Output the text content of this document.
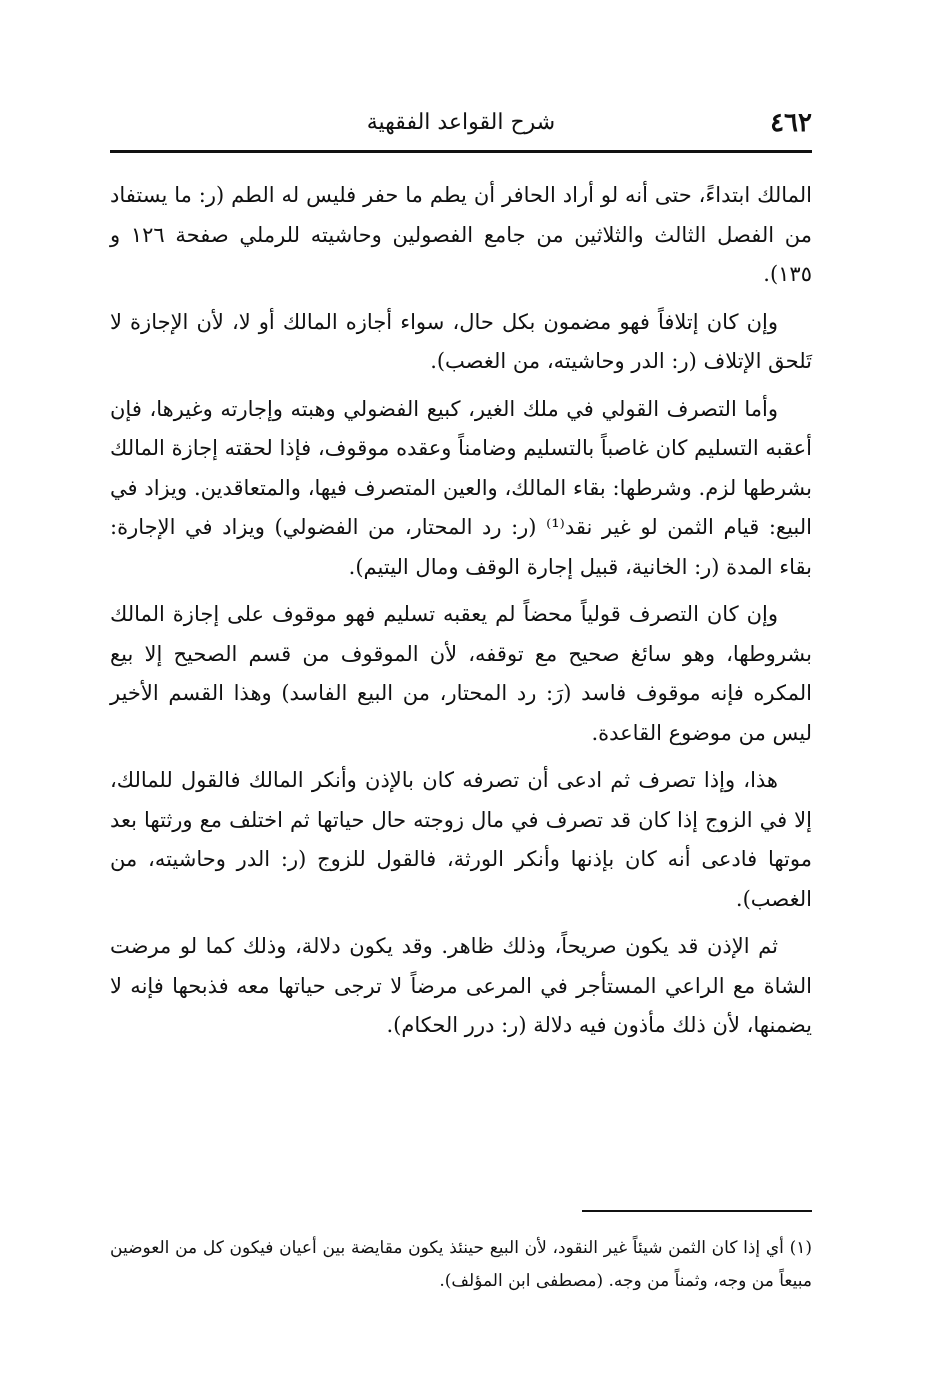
٤٦٢
شرح القواعد الفقهية

المالك ابتداءً، حتى أنه لو أراد الحافر أن يطم ما حفر فليس له الطم (ر: ما يستفاد من الفصل الثالث والثلاثين من جامع الفصولين وحاشيته للرملي صفحة ١٢٦ و ١٣٥).

وإن كان إتلافاً فهو مضمون بكل حال، سواء أجازه المالك أو لا، لأن الإجازة لا تَلحق الإتلاف (ر: الدر وحاشيته، من الغصب).

وأما التصرف القولي في ملك الغير، كبيع الفضولي وهبته وإجارته وغيرها، فإن أعقبه التسليم كان غاصباً بالتسليم وضامناً وعقده موقوف، فإذا لحقته إجازة المالك بشرطها لزم. وشرطها: بقاء المالك، والعين المتصرف فيها، والمتعاقدين. ويزاد في البيع: قيام الثمن لو غير نقد⁽¹⁾ (ر: رد المحتار، من الفضولي) ويزاد في الإجارة: بقاء المدة (ر: الخانية، قبيل إجارة الوقف ومال اليتيم).

وإن كان التصرف قولياً محضاً لم يعقبه تسليم فهو موقوف على إجازة المالك بشروطها، وهو سائغ صحيح مع توقفه، لأن الموقوف من قسم الصحيح إلا بيع المكره فإنه موقوف فاسد (رَ: رد المحتار، من البيع الفاسد) وهذا القسم الأخير ليس من موضوع القاعدة.

هذا، وإذا تصرف ثم ادعى أن تصرفه كان بالإذن وأنكر المالك فالقول للمالك، إلا في الزوج إذا كان قد تصرف في مال زوجته حال حياتها ثم اختلف مع ورثتها بعد موتها فادعى أنه كان بإذنها وأنكر الورثة، فالقول للزوج (ر: الدر وحاشيته، من الغصب).

ثم الإذن قد يكون صريحاً، وذلك ظاهر. وقد يكون دلالة، وذلك كما لو مرضت الشاة مع الراعي المستأجر في المرعى مرضاً لا ترجى حياتها معه فذبحها فإنه لا يضمنها، لأن ذلك مأذون فيه دلالة (ر: درر الحكام).

(١) أي إذا كان الثمن شيئاً غير النقود، لأن البيع حينئذ يكون مقايضة بين أعيان فيكون كل من العوضين مبيعاً من وجه، وثمناً من وجه. (مصطفى ابن المؤلف).
